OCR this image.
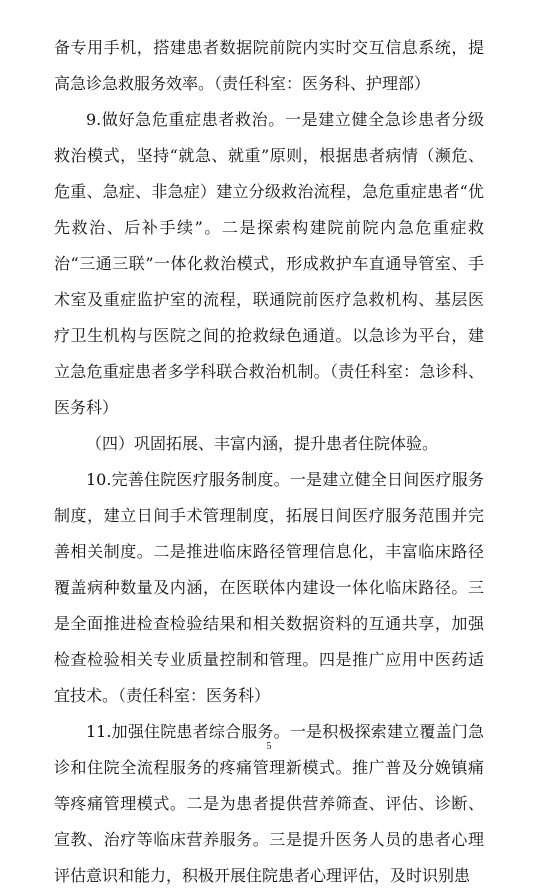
备专用手机，搭建患者数据院前院内实时交互信息系统，提高急诊急救服务效率。（责任科室：医务科、护理部）

9.做好急危重症患者救治。一是建立健全急诊患者分级救治模式，坚持“就急、就重”原则，根据患者病情（濒危、危重、急症、非急症）建立分级救治流程，急危重症患者“优先救治、后补手续”。二是探索构建院前院内急危重症救治“三通三联”一体化救治模式，形成救护车直通导管室、手术室及重症监护室的流程，联通院前医疗急救机构、基层医疗卫生机构与医院之间的抢救绿色通道。以急诊为平台，建立急危重症患者多学科联合救治机制。（责任科室：急诊科、医务科）

（四）巩固拓展、丰富内涵，提升患者住院体验。

10.完善住院医疗服务制度。一是建立健全日间医疗服务制度，建立日间手术管理制度，拓展日间医疗服务范围并完善相关制度。二是推进临床路径管理信息化，丰富临床路径覆盖病种数量及内涵，在医联体内建设一体化临床路径。三是全面推进检查检验结果和相关数据资料的互通共享，加强检查检验相关专业质量控制和管理。四是推广应用中医药适宜技术。（责任科室：医务科）

11.加强住院患者综合服务。一是积极探索建立覆盖门急诊和住院全流程服务的疼痛管理新模式。推广普及分娩镇痛等疼痛管理模式。二是为患者提供营养筛查、评估、诊断、宣教、治疗等临床营养服务。三是提升医务人员的患者心理评估意识和能力，积极开展住院患者心理评估，及时识别患

5
